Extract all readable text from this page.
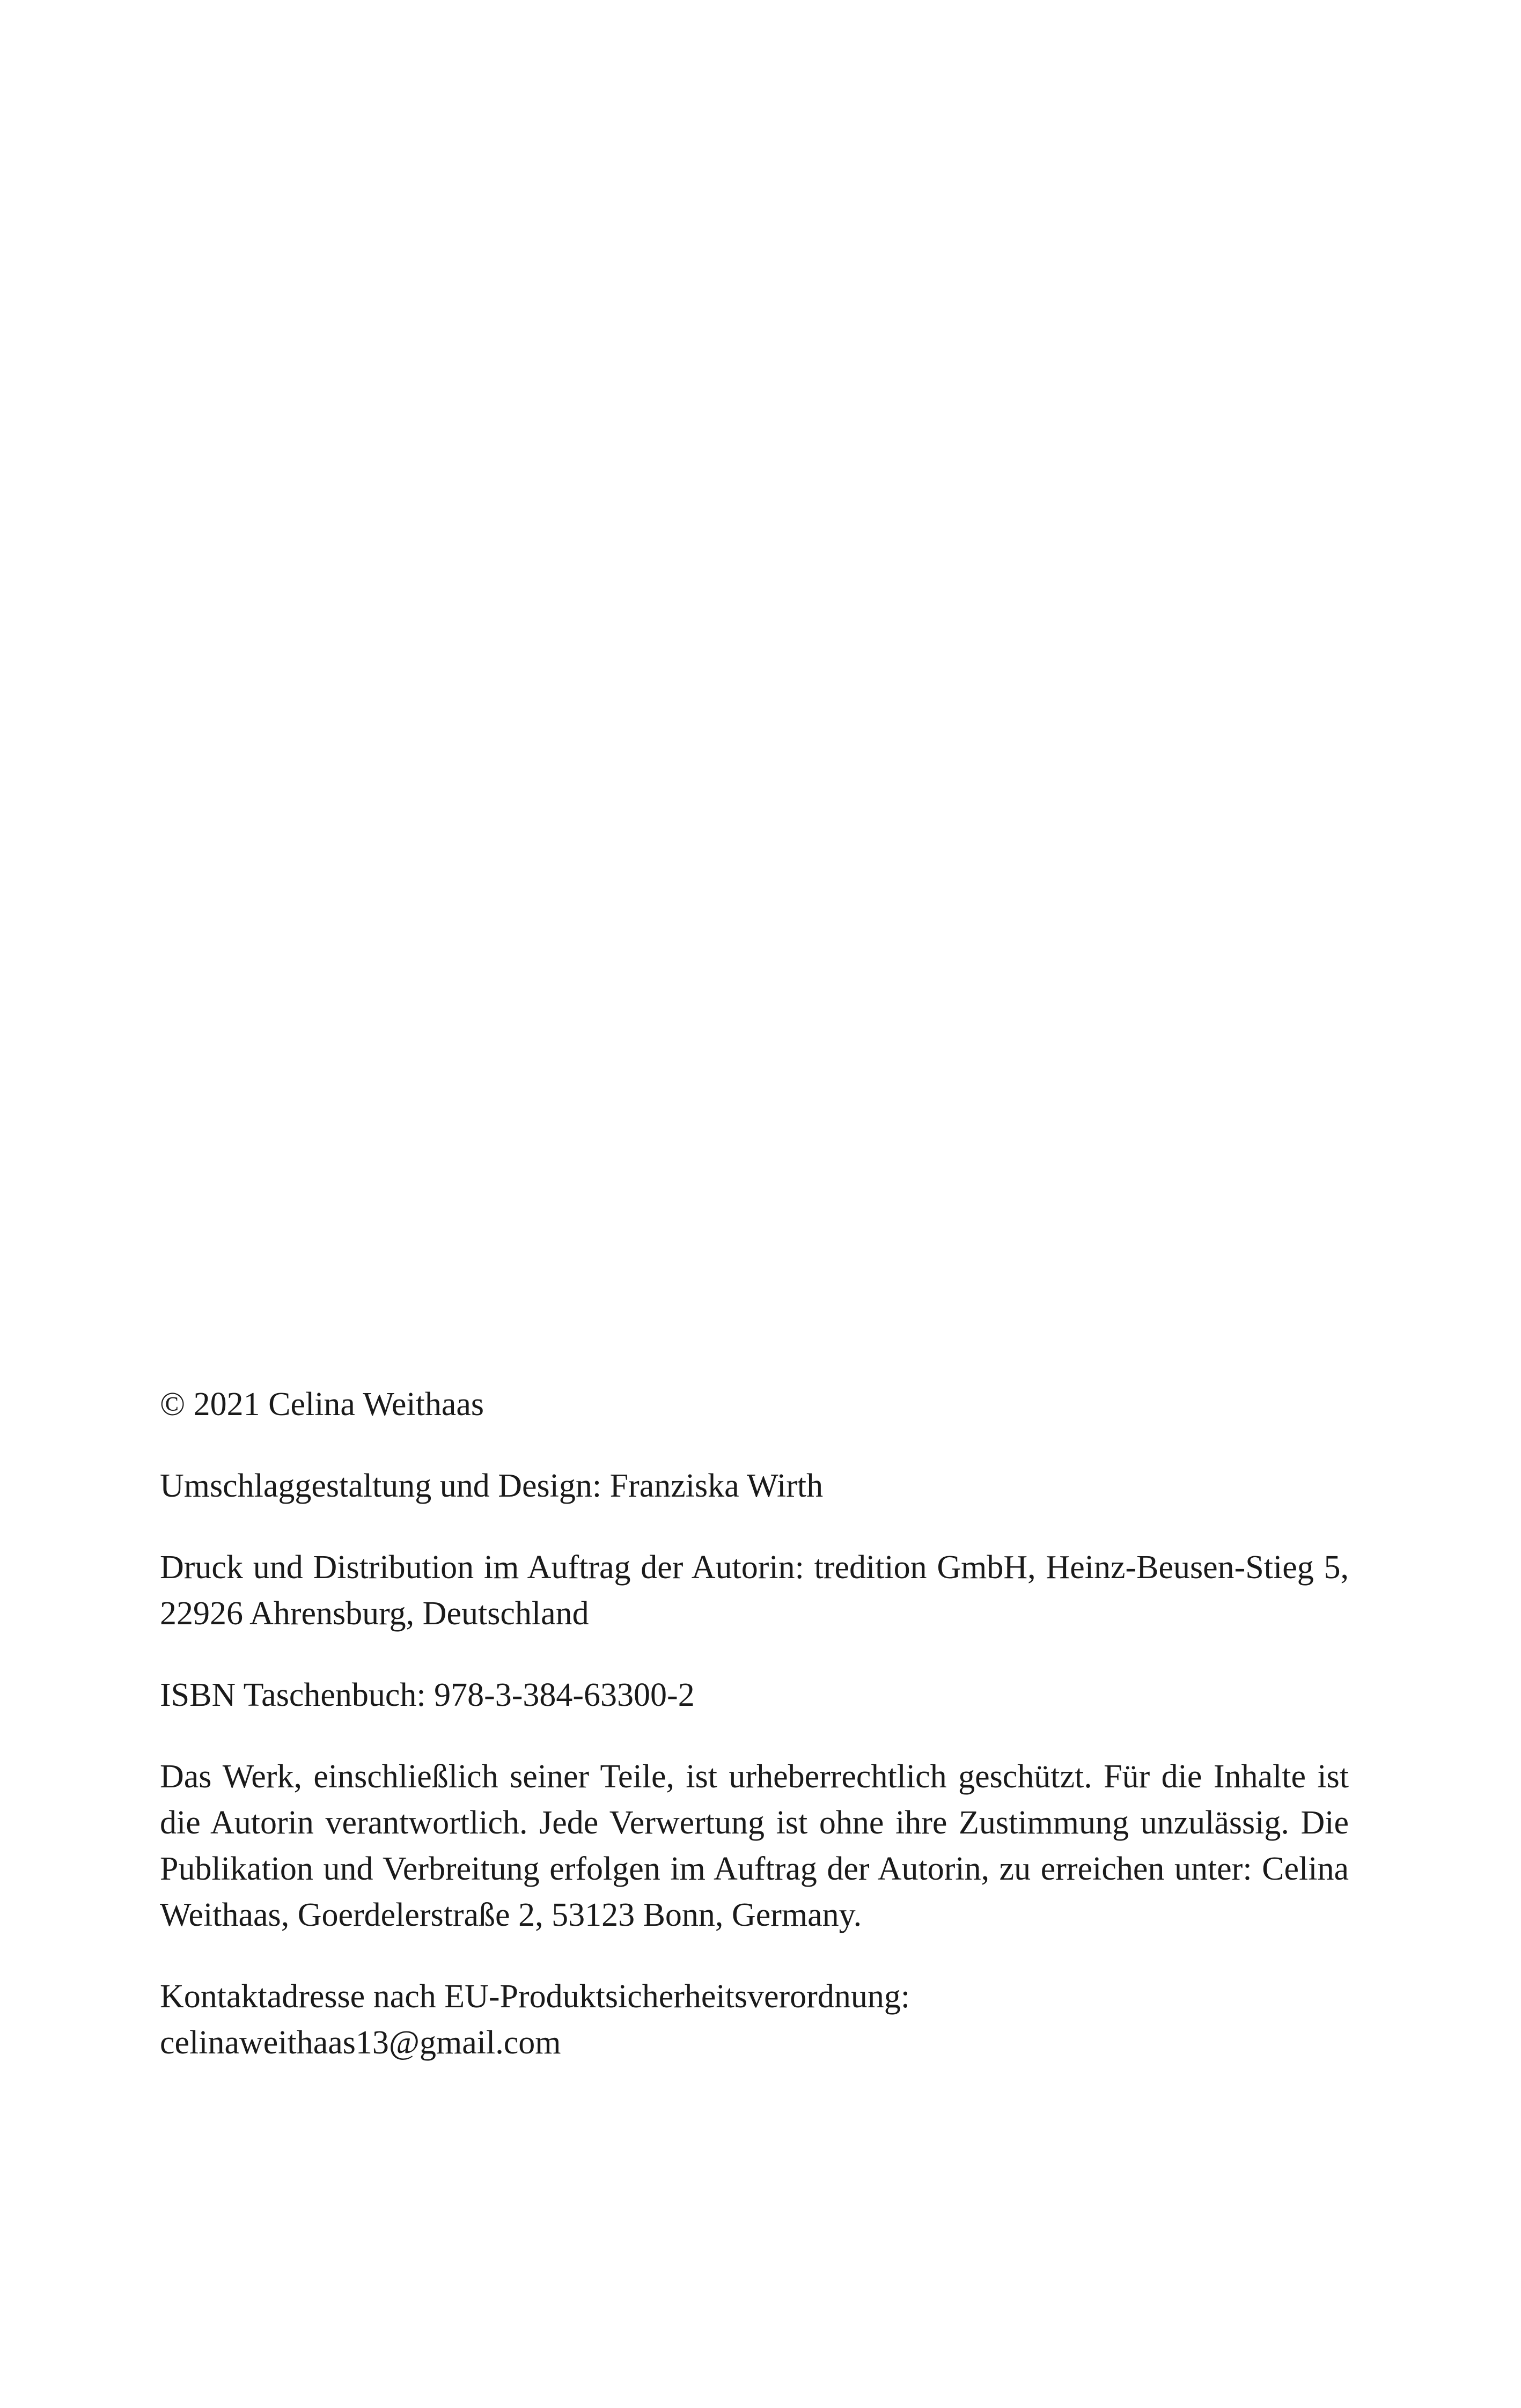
© 2021 Celina Weithaas

Umschlaggestaltung und Design: Franziska Wirth

Druck und Distribution im Auftrag der Autorin: tredition GmbH, Heinz-Beusen-Stieg 5, 22926 Ahrensburg, Deutschland

ISBN Taschenbuch: 978-3-384-63300-2

Das Werk, einschließlich seiner Teile, ist urheberrechtlich geschützt. Für die Inhalte ist die Autorin verantwortlich. Jede Verwertung ist ohne ihre Zustimmung unzulässig. Die Publikation und Verbreitung erfolgen im Auftrag der Autorin, zu erreichen unter: Celina Weithaas, Goerdelerstraße 2, 53123 Bonn, Germany.

Kontaktadresse nach EU-Produktsicherheitsverordnung:
celinaweithaas13@gmail.com
